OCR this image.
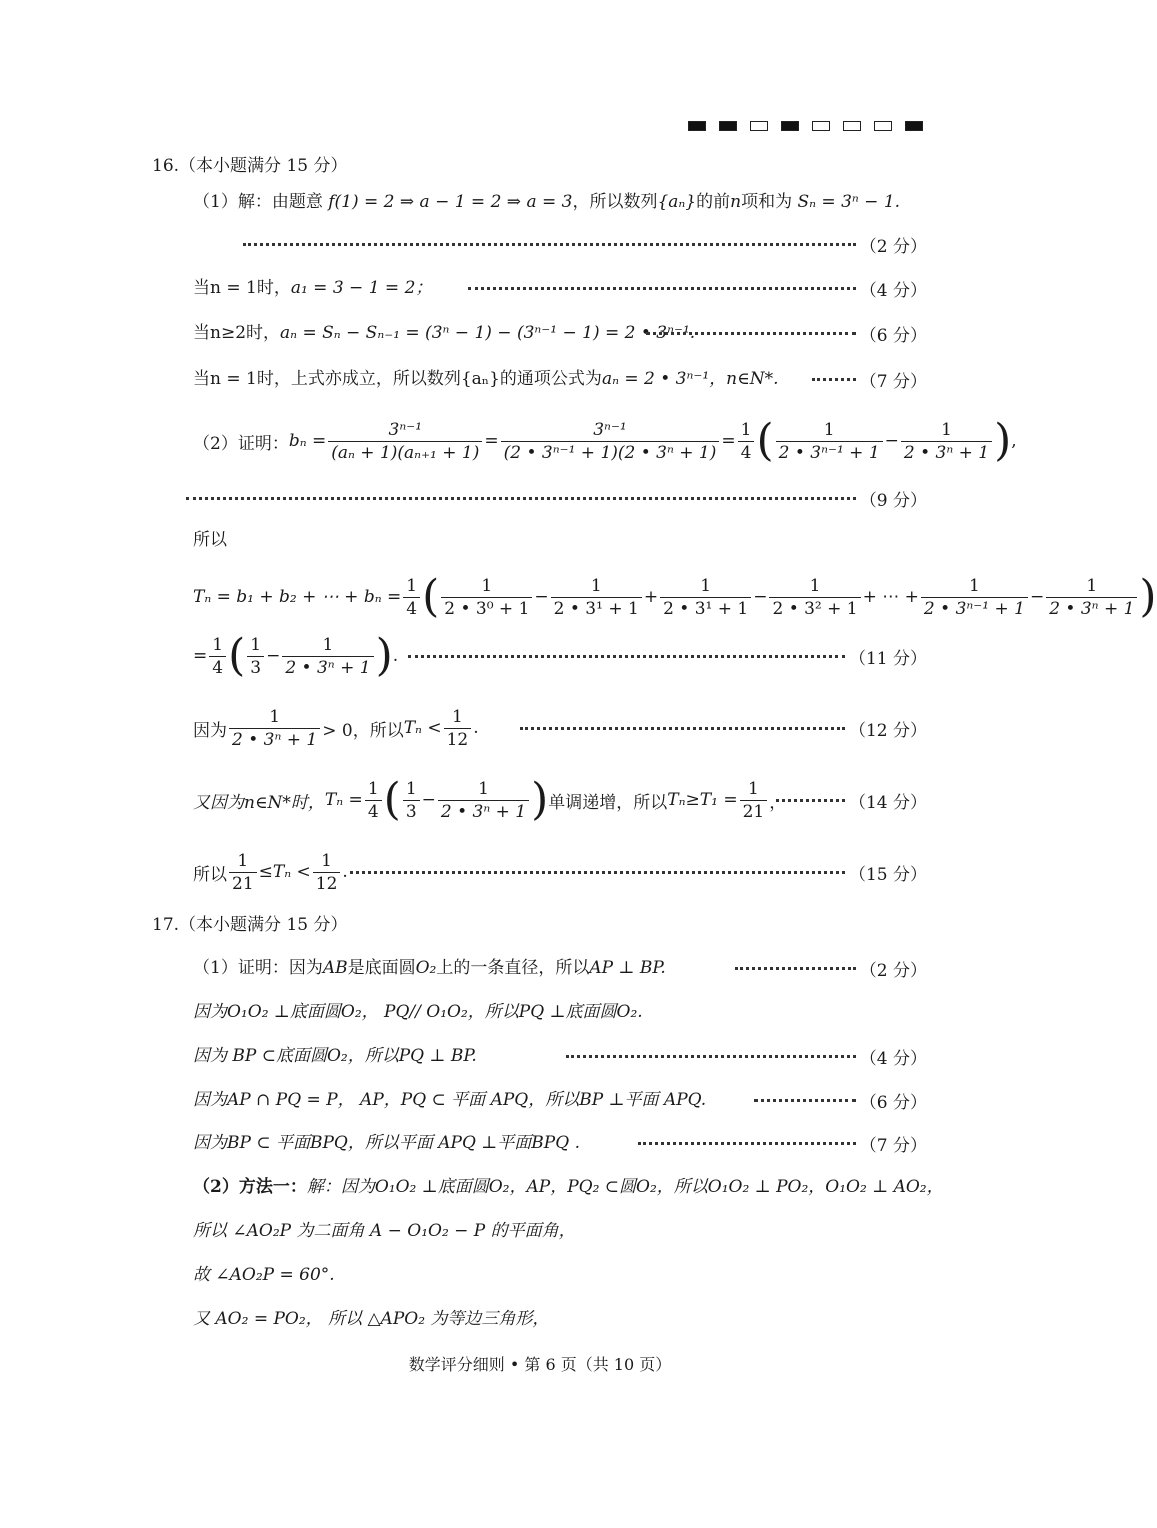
16.（本小题满分 15 分）
（1）解：由题意 f(1) = 2 ⇒ a − 1 = 2 ⇒ a = 3，所以数列{aₙ}的前n项和为 Sₙ = 3ⁿ − 1.
（2 分）
当n = 1时，a₁ = 3 − 1 = 2；	（4 分）
当n≥2时，aₙ = Sₙ − Sₙ₋₁ = (3ⁿ − 1) − (3ⁿ⁻¹ − 1) = 2 • 3ⁿ⁻¹.	（6 分）
当n = 1时，上式亦成立，所以数列{aₙ}的通项公式为aₙ = 2 • 3ⁿ⁻¹，n∈N*.	（7 分）
（2）证明： $b_n = \frac{\text{3ⁿ⁻¹}}{\text{(aₙ + 1)(aₙ₊₁ + 1)}} = \frac{\text{3ⁿ⁻¹}}{\text{(2 • 3ⁿ⁻¹ + 1)(2 • 3ⁿ + 1)}} = \frac{1}{4}$ ( $\frac{1}{\text{2 • 3ⁿ⁻¹ + 1}} - \frac{1}{\text{2 • 3ⁿ + 1}}$ ) ,
（9 分）
所以
Tₙ = b₁ + b₂ + ⋯ + $b_n = \frac{1}{4}$ ( $\frac{1}{\text{2 • 3⁰ + 1}} - \frac{1}{\text{2 • 3¹ + 1}} + \frac{1}{\text{2 • 3¹ + 1}} - \frac{1}{\text{2 • 3² + 1}}$ + ⋯ + $\frac{1}{\text{2 • 3ⁿ⁻¹ + 1}} - \frac{1}{\text{2 • 3ⁿ + 1}}$ )
= $\frac{1}{4}$ ( $\frac{1}{3} - \frac{1}{\text{2 • 3ⁿ + 1}}$ ) .	（11 分）
因为 $\frac{1}{\text{2 • 3ⁿ + 1}} > 0$，所以 $T_n < \frac{1}{12}$ .	（12 分）
又因为n∈N*时， $T_n = \frac{1}{4}$ ( $\frac{1}{3} - \frac{1}{\text{2 • 3ⁿ + 1}}$ ) 单调递增，所以 $T_n\ge T_1 = \frac{1}{21}$ ，	（14 分）
所以 $\frac{1}{21} \le T_n < \frac{1}{12}$ .	（15 分）
17.（本小题满分 15 分）
（1）证明：因为AB是底面圆O₂上的一条直径，所以AP ⊥ BP.	（2 分）
因为O₁O₂ ⊥底面圆O₂， PQ// O₁O₂，所以PQ ⊥底面圆O₂.
因为 BP ⊂底面圆O₂，所以PQ ⊥ BP.	（4 分）
因为AP ∩ PQ = P， AP，PQ ⊂ 平面 APQ，所以BP ⊥平面 APQ.	（6 分）
因为BP ⊂ 平面BPQ，所以平面 APQ ⊥平面BPQ .	（7 分）
（2）方法一：解：因为O₁O₂ ⊥底面圆O₂，AP，PQ₂ ⊂圆O₂，所以O₁O₂ ⊥ PO₂，O₁O₂ ⊥ AO₂，
所以 ∠AO₂P 为二面角 A − O₁O₂ − P 的平面角，
故 ∠AO₂P = 60°.
又 AO₂ = PO₂， 所以 △APO₂ 为等边三角形，
数学评分细则 • 第 6 页（共 10 页）
